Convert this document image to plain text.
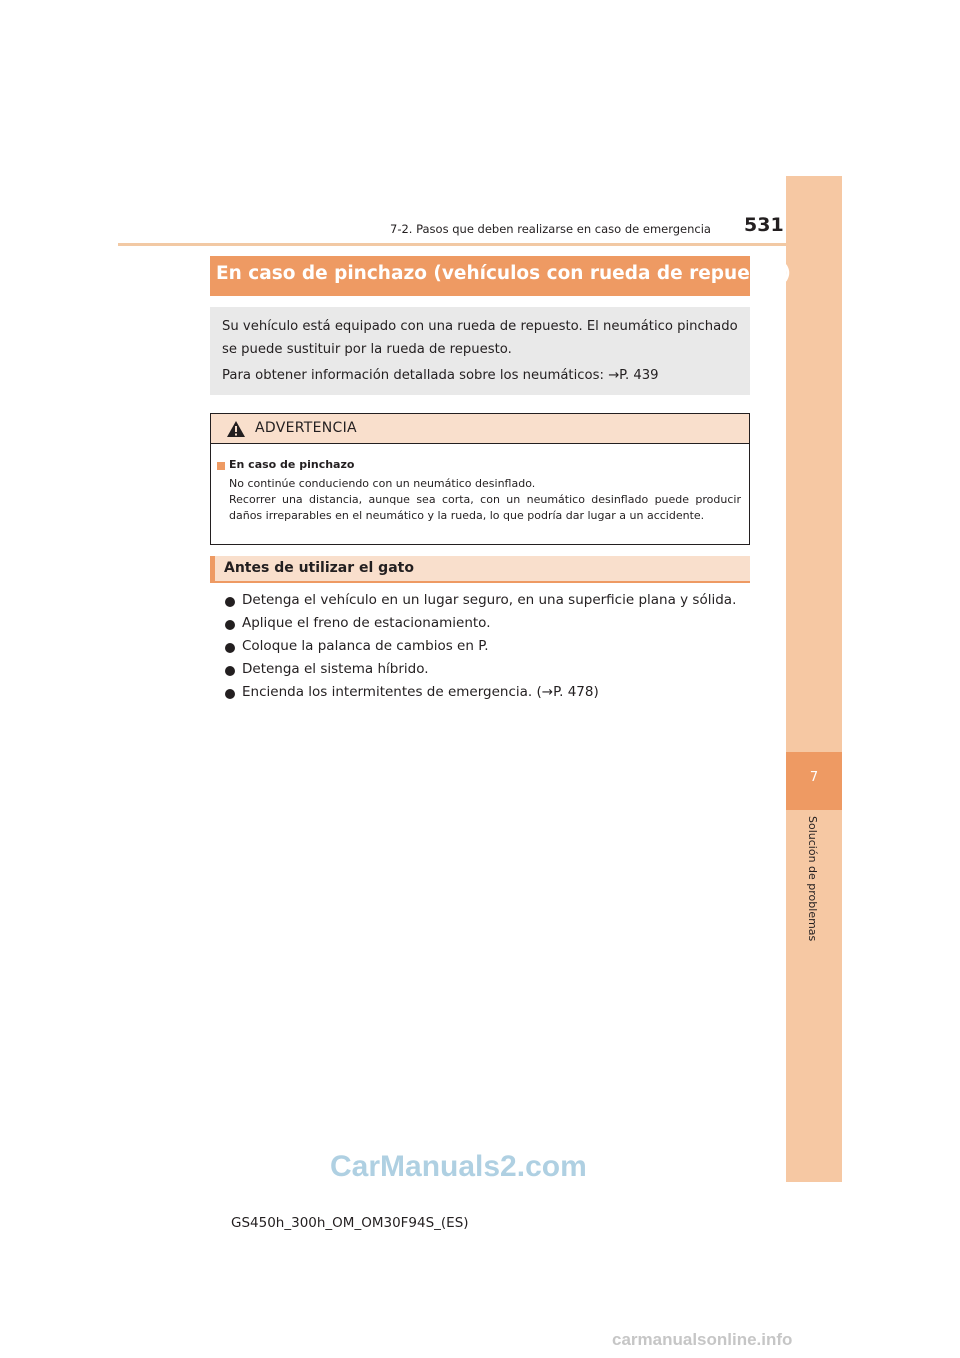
7-2. Pasos que deben realizarse en caso de emergencia 531
7
Solución de problemas
En caso de pinchazo (vehículos con rueda de repuesto)

Su vehículo está equipado con una rueda de repuesto. El neumático pinchado

se puede sustituir por la rueda de repuesto.

Para obtener información detallada sobre los neumáticos: →P. 439

ADVERTENCIA
En caso de pinchazo
No continúe conduciendo con un neumático desinflado.
Recorrer una distancia, aunque sea corta, con un neumático desinflado puede producir
daños irreparables en el neumático y la rueda, lo que podría dar lugar a un accidente.
Antes de utilizar el gato
Detenga el vehículo en un lugar seguro, en una superficie plana y sólida.
Aplique el freno de estacionamiento.
Coloque la palanca de cambios en P.
Detenga el sistema híbrido.
Encienda los intermitentes de emergencia. (→P. 478)
CarManuals2.com
GS450h_300h_OM_OM30F94S_(ES)
carmanualsonline.info
